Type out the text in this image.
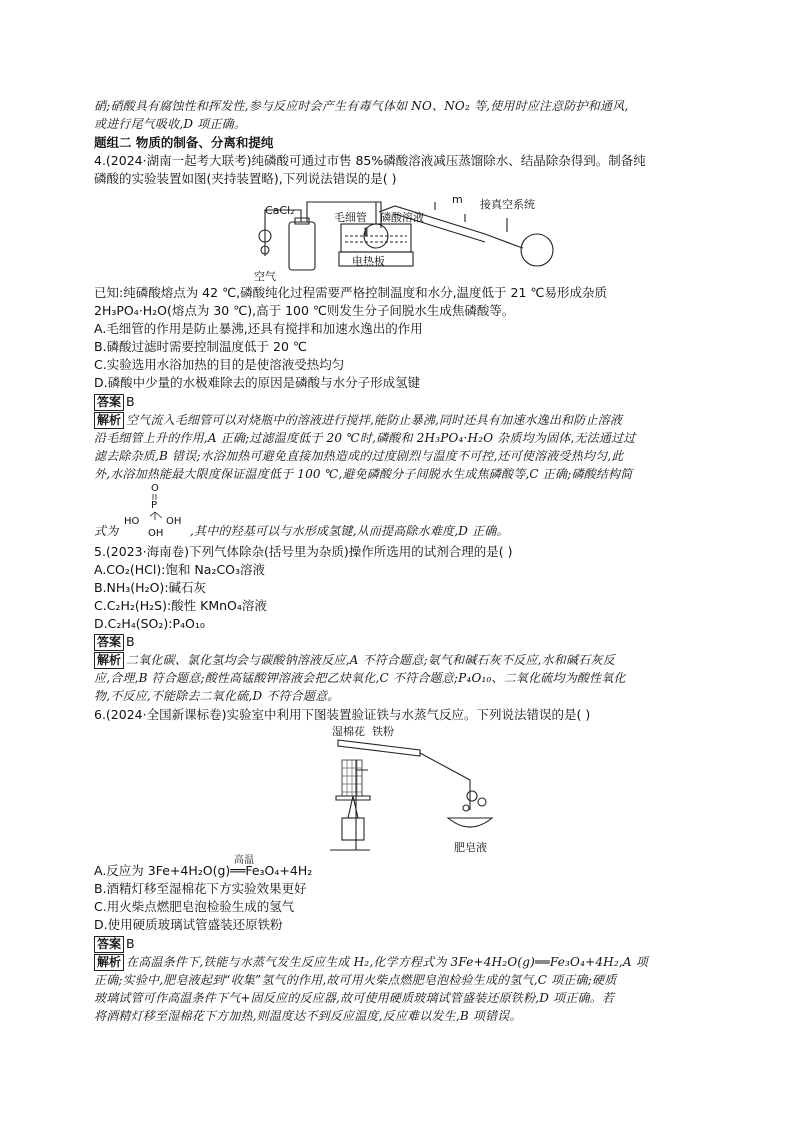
硝;硝酸具有腐蚀性和挥发性,参与反应时会产生有毒气体如 NO、NO₂ 等,使用时应注意防护和通风,
或进行尾气吸收,D 项正确。
题组二 物质的制备、分离和提纯
4.(2024·湖南一起考大联考)纯磷酸可通过市售 85%磷酸溶液减压蒸馏除水、结晶除杂得到。制备纯
磷酸的实验装置如图(夹持装置略),下列说法错误的是( )
CaCl₂
毛细管 磷酸溶液
m 接真空系统
电热板
空气
已知:纯磷酸熔点为 42 ℃,磷酸纯化过程需要严格控制温度和水分,温度低于 21 ℃易形成杂质
2H₃PO₄·H₂O(熔点为 30 ℃),高于 100 ℃则发生分子间脱水生成焦磷酸等。
A.毛细管的作用是防止暴沸,还具有搅拌和加速水逸出的作用
B.磷酸过滤时需要控制温度低于 20 ℃
C.实验选用水浴加热的目的是使溶液受热均匀
D.磷酸中少量的水极难除去的原因是磷酸与水分子形成氢键
答案 B
解析 空气流入毛细管可以对烧瓶中的溶液进行搅拌,能防止暴沸,同时还具有加速水逸出和防止溶液
沿毛细管上升的作用,A 正确;过滤温度低于 20 ℃时,磷酸和 2H₃PO₄·H₂O 杂质均为固体,无法通过过
滤去除杂质,B 错误;水浴加热可避免直接加热造成的过度剧烈与温度不可控,还可使溶液受热均匀,此
外,水浴加热能最大限度保证温度低于 100 ℃,避免磷酸分子间脱水生成焦磷酸等,C 正确;磷酸结构简
O
P
HO	OH
OH
式为	,其中的羟基可以与水形成氢键,从而提高除水难度,D 正确。
5.(2023·海南卷)下列气体除杂(括号里为杂质)操作所选用的试剂合理的是( )
A.CO₂(HCl):饱和 Na₂CO₃溶液
B.NH₃(H₂O):碱石灰
C.C₂H₂(H₂S):酸性 KMnO₄溶液
D.C₂H₄(SO₂):P₄O₁₀
答案 B
解析 二氧化碳、氯化氢均会与碳酸钠溶液反应,A 不符合题意;氨气和碱石灰不反应,水和碱石灰反
应,合理,B 符合题意;酸性高锰酸钾溶液会把乙炔氧化,C 不符合题意;P₄O₁₀、二氧化硫均为酸性氧化
物,不反应,不能除去二氧化硫,D 不符合题意。
6.(2024·全国新课标卷)实验室中利用下图装置验证铁与水蒸气反应。下列说法错误的是( )
湿棉花 铁粉
肥皂液
高温
A.反应为 3Fe+4H₂O(g)══Fe₃O₄+4H₂
B.酒精灯移至湿棉花下方实验效果更好
C.用火柴点燃肥皂泡检验生成的氢气
D.使用硬质玻璃试管盛装还原铁粉
答案 B
解析 在高温条件下,铁能与水蒸气发生反应生成 H₂,化学方程式为 3Fe+4H₂O(g)══Fe₃O₄+4H₂,A 项
正确;实验中,肥皂液起到“收集”氢气的作用,故可用火柴点燃肥皂泡检验生成的氢气,C 项正确;硬质
玻璃试管可作高温条件下气+固反应的反应器,故可使用硬质玻璃试管盛装还原铁粉,D 项正确。若
将酒精灯移至湿棉花下方加热,则温度达不到反应温度,反应难以发生,B 项错误。
